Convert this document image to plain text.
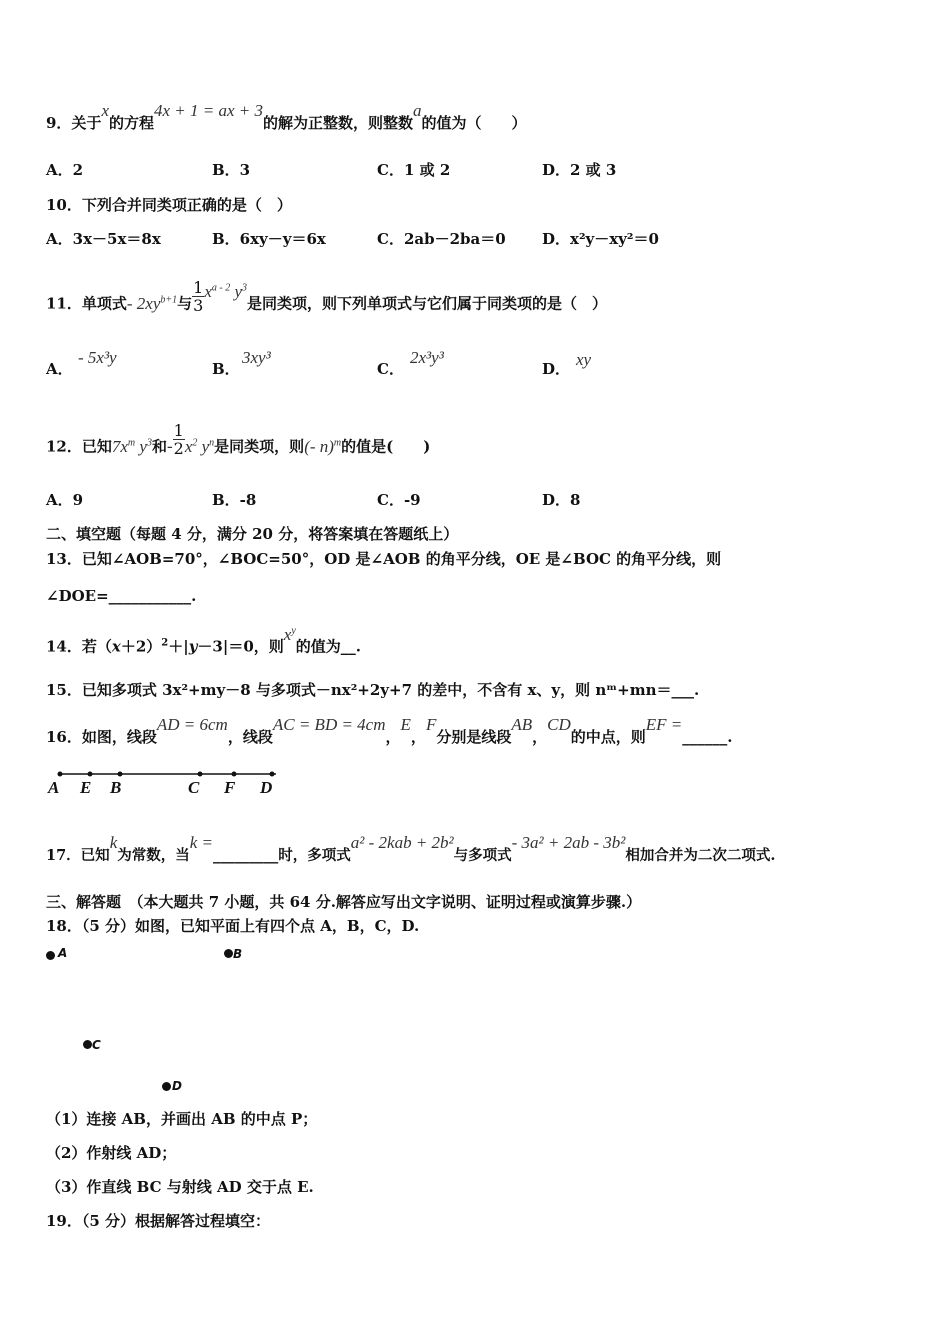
9．关于x的方程4x + 1 = ax + 3的解为正整数，则整数a的值为（　　）
A．2	B．3	C．1 或 2	D．2 或 3
10．下列合并同类项正确的是（　）
A．3x－5x＝8x	B．6xy－y＝6x	C．2ab－2ba＝0 D．x²y－xy²＝0
11．单项式- $2xy^{b+1}$与 $\frac{1}{3} x^{a - 2}$ $y^3$是同类项，则下列单项式与它们属于同类项的是（　）
A．
- 5x³y
B．
3xy³
C．
2x³y³
D． xy
12．已知$7x^m$ $y^3$和- $\frac{1}{2} x^2$ $y^n$是同类项，则(- n)$^m$的值是(　　)
A．9	B．-8	C．-9	D．8
二、填空题（每题 4 分，满分 20 分，将答案填在答题纸上）
13．已知∠AOB=70°，∠BOC=50°，OD 是∠AOB 的角平分线，OE 是∠BOC 的角平分线，则
∠DOE=___________.
14．若$(x+2)^2+|y-3|=0$，则$x^y$的值为__.
15．已知多项式 3x²+my－8 与多项式－nx²+2y+7 的差中，不含有 x、y，则 nᵐ+mn＝___.
16．如图，线段AD = 6cm，线段AC = BD = 4cm，E，F分别是线段AB，CD的中点，则EF =______.
A E B	C F D
17．已知k为常数，当k =_________时，多项式a² - 2kab + 2b²与多项式- 3a² + 2ab - 3b²相加合并为二次二项式.
三、解答题　（本大题共 7 小题，共 64 分.解答应写出文字说明、证明过程或演算步骤.）
18．（5 分）如图，已知平面上有四个点 A，B，C，D.
A	B
C
D
（1）连接 AB，并画出 AB 的中点 P；
（2）作射线 AD；
（3）作直线 BC 与射线 AD 交于点 E.
19．（5 分）根据解答过程填空：
